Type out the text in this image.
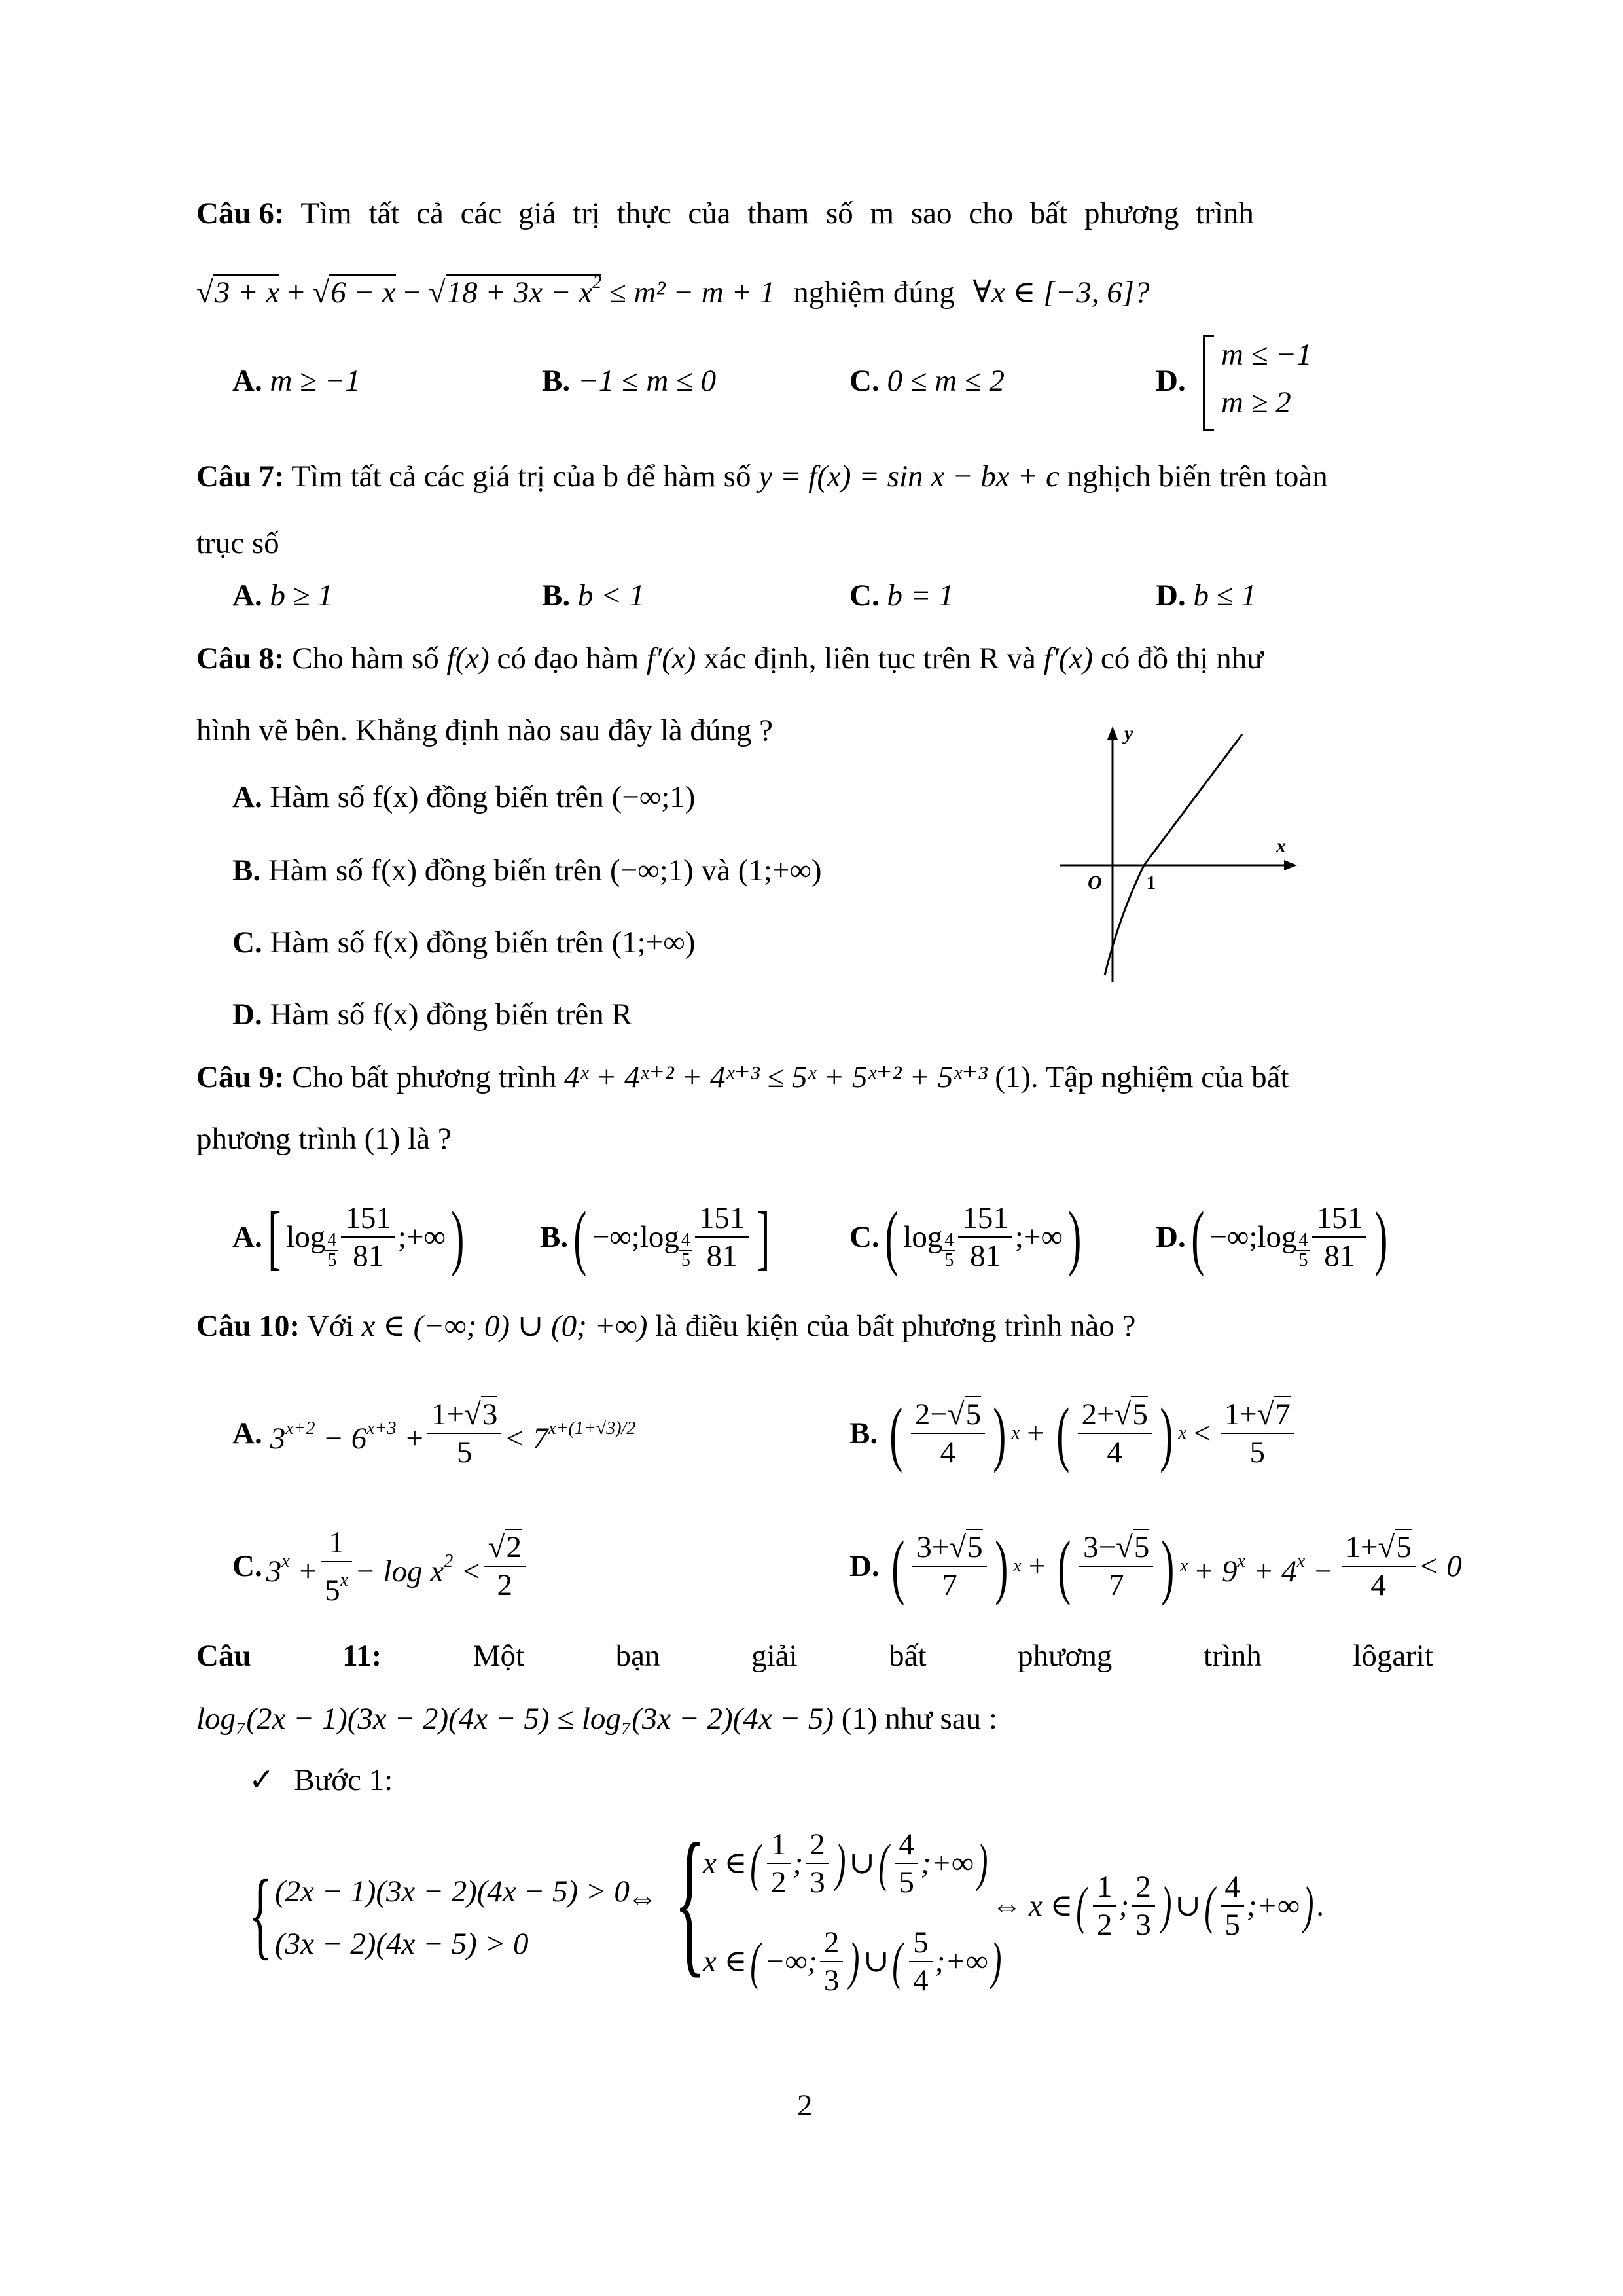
Câu 6: Tìm tất cả các giá trị thực của tham số m sao cho bất phương trình
$√3 + x + √6 - x - √18 + 3x - x^2 \le m^2 - m + 1$ nghiệm đúng ∀x ∈ [−3, 6]?
A. m ≥ −1	B. −1 ≤ m ≤ 0	C. 0 ≤ m ≤ 2	D.
m ≤ −1
m ≥ 2
Câu 7: Tìm tất cả các giá trị của b để hàm số y = f(x) = sin x − bx + c nghịch biến trên toàn
trục số
A. b ≥ 1	B. b < 1	C. b = 1	D. b ≤ 1
Câu 8: Cho hàm số f(x) có đạo hàm f′(x) xác định, liên tục trên R và f′(x) có đồ thị như
hình vẽ bên. Khẳng định nào sau đây là đúng ?
A. Hàm số f(x) đồng biến trên (−∞;1)
B. Hàm số f(x) đồng biến trên (−∞;1) và (1;+∞)
C. Hàm số f(x) đồng biến trên (1;+∞)
D. Hàm số f(x) đồng biến trên R
y
x
O 1
Câu 9: Cho bất phương trình 4ˣ + 4ˣ⁺² + 4ˣ⁺³ ≤ 5ˣ + 5ˣ⁺² + 5ˣ⁺³ (1). Tập nghiệm của bất
phương trình (1) là ?
A. [ log 4
$5 \frac{151}{81}$ ;+∞ ) B. ( −∞; log 4
$5 \frac{151}{81}$ ]	C. ( log 4
$5 \frac{151}{81}$ ;+∞ ) D. ( −∞; log 4
$5 \frac{151}{81}$ )
Câu 10: Với x ∈ (−∞; 0) ∪ (0; +∞) là điều kiện của bất phương trình nào ?
A. $3^{x+2} - 6^{x+3} + \frac{1+√3}{5} < 7^{x+(1+√3)/2}$	B. ( $\frac{2-√5}{4}$ ) x + ( $\frac{2+√5}{4}$ ) $x < \frac{1+√7}{5}$
C. $3^x + \frac{1}{5^x} - \log x^2 < \frac{√2}{2}$	D. ( $\frac{3+√5}{7}$ ) x + ( $\frac{3-√5}{7}$ ) $x + 9^x + 4^x - \frac{1+√5}{4} < 0$
Câu	11:	Một	bạn	giải	bất	phương	trình	lôgarit
log₇(2x − 1)(3x − 2)(4x − 5) ≤ log₇(3x − 2)(4x − 5) (1) như sau :
✓ Bước 1:
{ (2x − 1)(3x − 2)(4x − 5) > 0
(3x − 2)(4x − 5) > 0
⇔ {
x ∈ ( $\frac{1}{2}$ ; $\frac{2}{3}$ ) ∪ ( $\frac{4}{5}$ ;+∞ )
x ∈ ( −∞; $\frac{2}{3}$ ) ∪ ( $\frac{5}{4}$ ;+∞ )
⇔ x ∈ ( $\frac{1}{2}$ ; $\frac{2}{3}$ ) ∪ ( $\frac{4}{5}$ ;+∞ ) .
2
